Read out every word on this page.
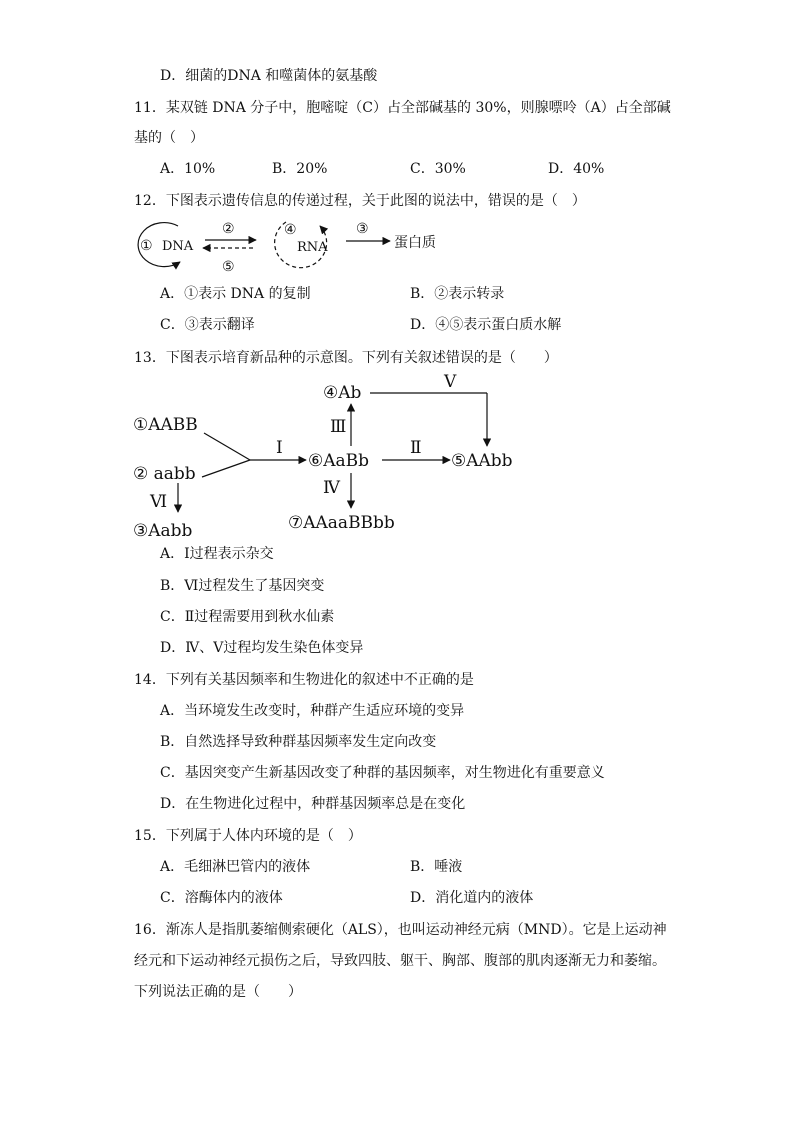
D．细菌的DNA 和噬菌体的氨基酸
11．某双链 DNA 分子中，胞嘧啶（C）占全部碱基的 30%，则腺嘌呤（A）占全部碱
基的（　）
A．10%	B．20%	C．30%	D．40%
12．下图表示遗传信息的传递过程，关于此图的说法中，错误的是（　）
A．①表示 DNA 的复制	B．②表示转录
C．③表示翻译	D．④⑤表示蛋白质水解
13．下图表示培育新品种的示意图。下列有关叙述错误的是（　　）
A．Ⅰ过程表示杂交
B．Ⅵ过程发生了基因突变
C．Ⅱ过程需要用到秋水仙素
D．Ⅳ、Ⅴ过程均发生染色体变异
14．下列有关基因频率和生物进化的叙述中不正确的是
A．当环境发生改变时，种群产生适应环境的变异
B．自然选择导致种群基因频率发生定向改变
C．基因突变产生新基因改变了种群的基因频率，对生物进化有重要意义
D．在生物进化过程中，种群基因频率总是在变化
15．下列属于人体内环境的是（　）
A．毛细淋巴管内的液体	B．唾液
C．溶酶体内的液体	D．消化道内的液体
16．渐冻人是指肌萎缩侧索硬化（ALS），也叫运动神经元病（MND）。它是上运动神
经元和下运动神经元损伤之后，导致四肢、躯干、胸部、腹部的肌肉逐渐无力和萎缩。
下列说法正确的是（　　）
① DNA
②
⑤
④
RNA
③
蛋白质
①AABB
② aabb
Ⅰ
Ⅵ
③Aabb
⑥AaBb
Ⅲ
④Ab
Ⅴ
Ⅱ
⑤AAbb
Ⅳ
⑦AAaaBBbb
